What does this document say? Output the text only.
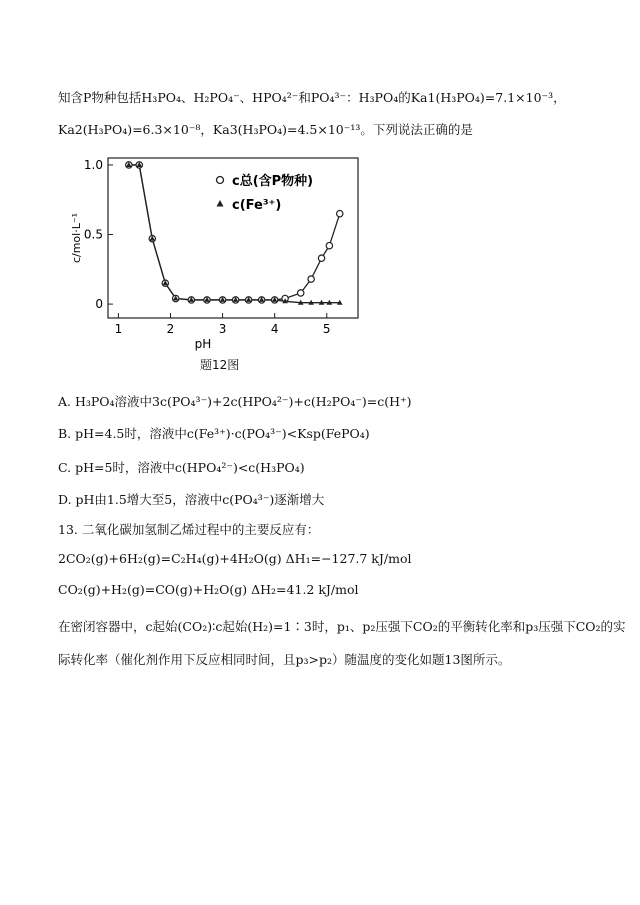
知含P物种包括H₃PO₄、H₂PO₄⁻、HPO₄²⁻和PO₄³⁻：H₃PO₄的Ka1(H₃PO₄)=7.1×10⁻³，
Ka2(H₃PO₄)=6.3×10⁻⁸，Ka3(H₃PO₄)=4.5×10⁻¹³。下列说法正确的是
1	2	3	4	5
0
0.5
1.0
pH
c/mol·L⁻¹
c总(含P物种)
c(Fe³⁺)
题12图
A. H₃PO₄溶液中3c(PO₄³⁻)+2c(HPO₄²⁻)+c(H₂PO₄⁻)=c(H⁺)
B. pH=4.5时，溶液中c(Fe³⁺)·c(PO₄³⁻)<Ksp(FePO₄)
C. pH=5时，溶液中c(HPO₄²⁻)<c(H₃PO₄)
D. pH由1.5增大至5，溶液中c(PO₄³⁻)逐渐增大
13. 二氧化碳加氢制乙烯过程中的主要反应有：
2CO₂(g)+6H₂(g)=C₂H₄(g)+4H₂O(g) ΔH₁=−127.7 kJ/mol
CO₂(g)+H₂(g)=CO(g)+H₂O(g) ΔH₂=41.2 kJ/mol
在密闭容器中，c起始(CO₂)∶c起始(H₂)=1∶3时，p₁、p₂压强下CO₂的平衡转化率和p₃压强下CO₂的实
际转化率（催化剂作用下反应相同时间，且p₃>p₂）随温度的变化如题13图所示。
